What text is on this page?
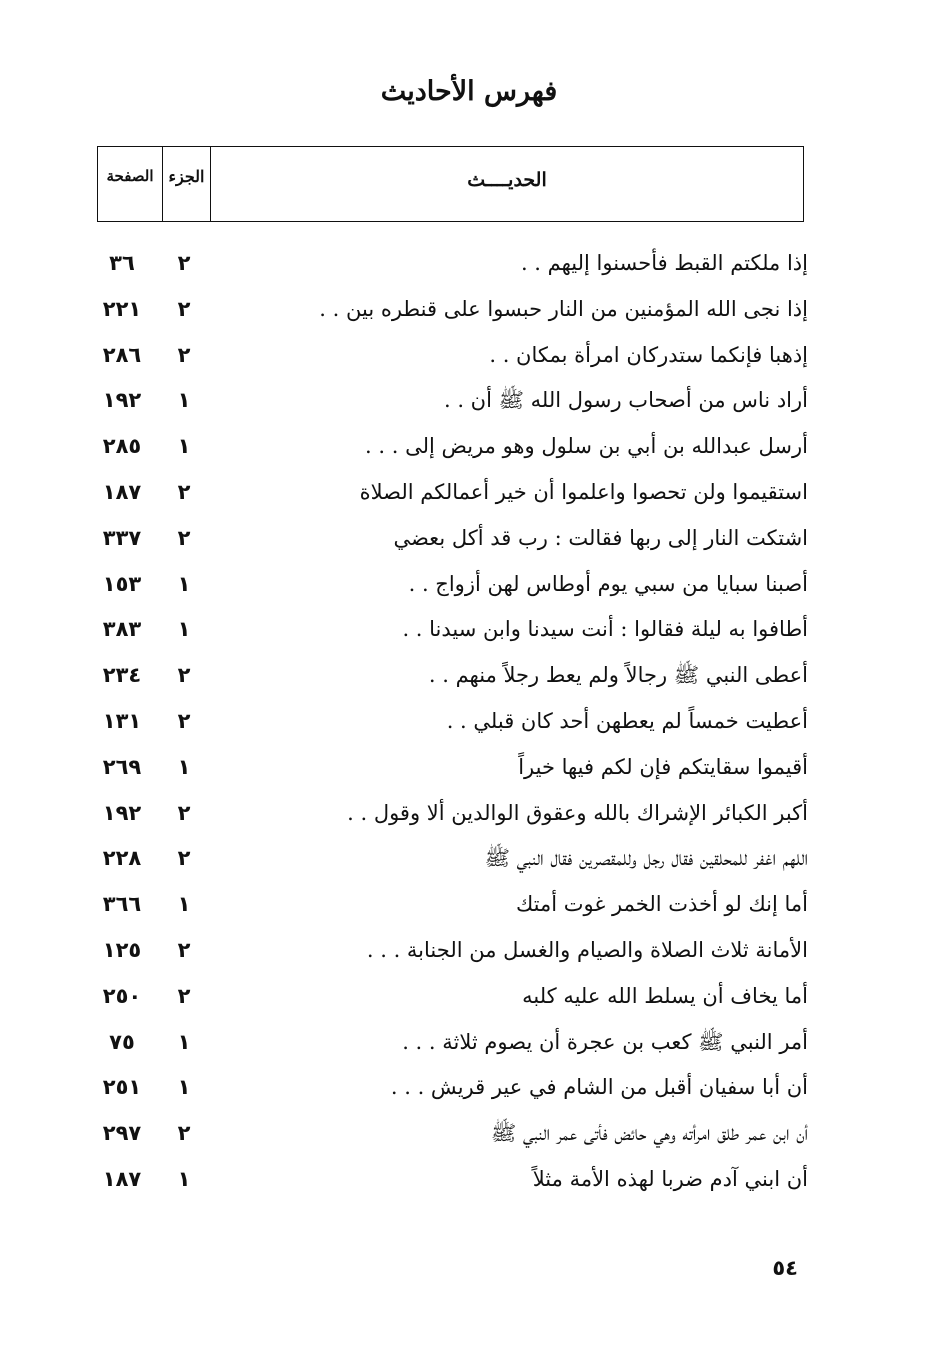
فهرس الأحاديث
الحديــــث
الجزء
الصفحة
إذا ملكتم القبط فأحسنوا إليهم . .
٢
٣٦
إذا نجى الله المؤمنين من النار حبسوا على قنطره بين . .
٢
٢٢١
إذهبا فإنكما ستدركان امرأة بمكان . .
٢
٢٨٦
أراد ناس من أصحاب رسول الله ﷺ أن . .
١
١٩٢
أرسل عبدالله بن أبي بن سلول وهو مريض إلى . . .
١
٢٨٥
استقيموا ولن تحصوا واعلموا أن خير أعمالكم الصلاة
٢
١٨٧
اشتكت النار إلى ربها فقالت : رب قد أكل بعضي
٢
٣٣٧
أصبنا سبايا من سبي يوم أوطاس لهن أزواج . .
١
١٥٣
أطافوا به ليلة فقالوا : أنت سيدنا وابن سيدنا . .
١
٣٨٣
أعطى النبي ﷺ رجالاً ولم يعط رجلاً منهم . .
٢
٢٣٤
أعطيت خمساً لم يعطهن أحد كان قبلي . .
٢
١٣١
أقيموا سقايتكم فإن لكم فيها خيراً
١
٢٦٩
أكبر الكبائر الإشراك بالله وعقوق الوالدين ألا وقول . .
٢
١٩٢
اللهم اغفر للمحلقين فقال رجل وللمقصرين فقال النبي ﷺ
٢
٢٢٨
أما إنك لو أخذت الخمر غوت أمتك
١
٣٦٦
الأمانة ثلاث الصلاة والصيام والغسل من الجنابة . . .
٢
١٢٥
أما يخاف أن يسلط الله عليه كلبه
٢
٢٥٠
أمر النبي ﷺ كعب بن عجرة أن يصوم ثلاثة . . .
١
٧٥
أن أبا سفيان أقبل من الشام في عير قريش . . .
١
٢٥١
أن ابن عمر طلق امرأته وهي حائض فأتى عمر النبي ﷺ
٢
٢٩٧
أن ابني آدم ضربا لهذه الأمة مثلاً
١
١٨٧
٥٤
